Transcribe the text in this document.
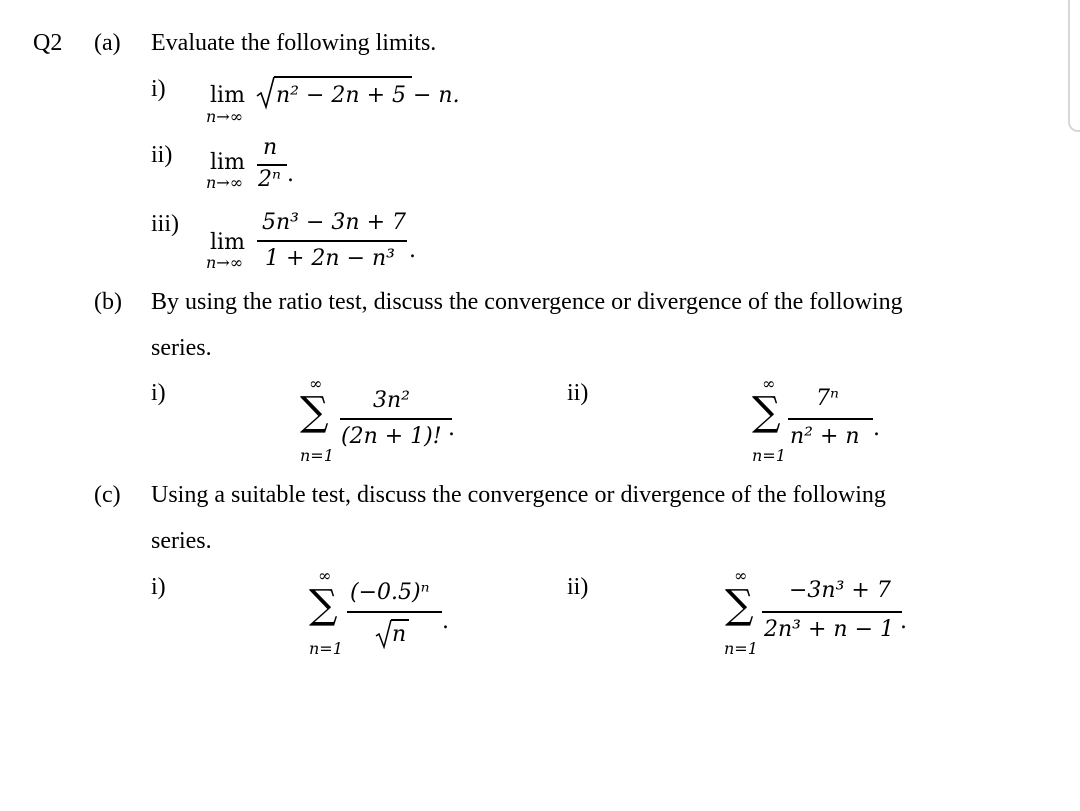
Q2 (a) Evaluate the following limits.
i) lim
n→∞
n² − 2n + 5 − n.
ii) lim
n→∞
n
2ⁿ .
iii)
lim
n→∞
5n³ − 3n + 7
1 + 2n − n³ .
(b) By using the ratio test, discuss the convergence or divergence of the following
series.
i)	∞
∑
n=1
3n²
(2n + 1)! .
ii)	∞
∑
n=1
7ⁿ
n² + n .
(c) Using a suitable test, discuss the convergence or divergence of the following
series.
i)	∞
∑
n=1
(−0.5)ⁿ
n
.
ii)	∞
∑
n=1
−3n³ + 7
2n³ + n − 1 .
